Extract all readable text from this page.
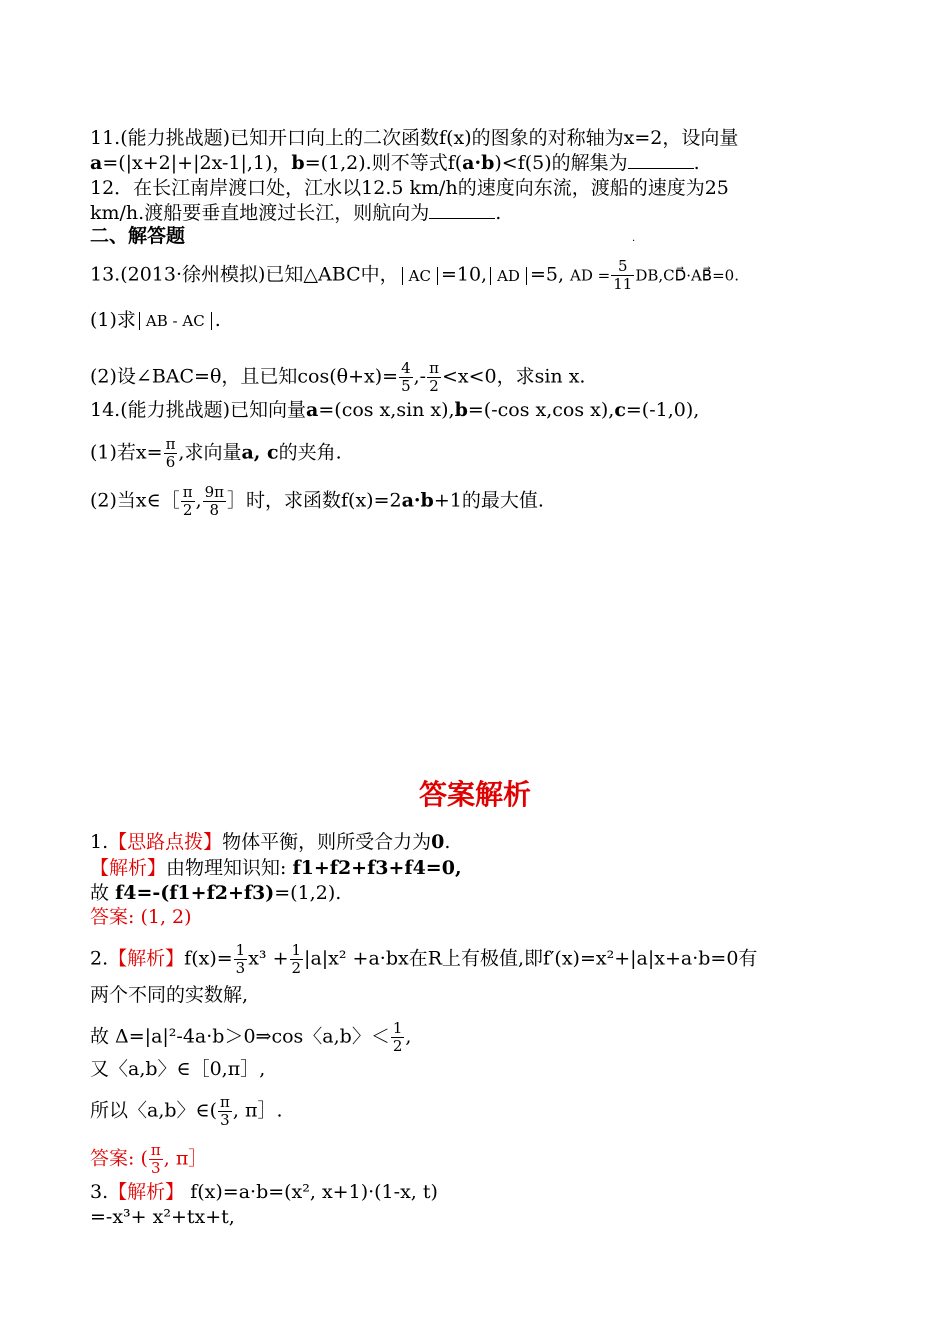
11.(能力挑战题)已知开口向上的二次函数f(x)的图象的对称轴为x=2，设向量
a=(|x+2|+|2x-1|,1)，b=(1,2).则不等式f(a·b)<f(5)的解集为	.
12．在长江南岸渡口处，江水以12.5 km/h的速度向东流，渡船的速度为25
km/h.渡船要垂直地渡过长江，则航向为	.
二、解答题	·
13.(2013·徐州模拟)已知△ABC中， AC =10, AD =5, AD = $\frac{5}{11}$ DB,CD⃗·AB⃗=0.
(1)求 AB - AC .
(2)设∠BAC=θ，且已知$\cos(\theta+x)= \frac{4}{5}$ ,- $\frac{\pi}{2} <x<0$，求sin x.
14.(能力挑战题)已知向量a=(cos x,sin x),b=(-cos x,cos x),c=(-1,0),
(1)若$x= \frac{\pi}{6}$ ,求向量a, c的夹角.
(2)当x∈［ $\frac{\pi}{2}$ , $\frac{9\pi}{8}$ ］时，求函数f(x)=2a·b+1的最大值.
答案解析
1.【思路点拨】物体平衡，则所受合力为0.
【解析】由物理知识知: f1+f2+f3+f4=0,
故 f4=-(f1+f2+f3)=(1,2).
答案: (1, 2)
2.【解析】$f(x)= \frac{1}{3} x^3 + \frac{1}{2} |a|x^2 +a\cdot bx$在R上有极值,即f′(x)=x²+|a|x+a·b=0有
两个不同的实数解,
故 Δ=|a|²-4a·b＞0⇒cos〈a,b〉＜ $\frac{1}{2}$ ,
又〈a,b〉∈［0,π］,
所以〈a,b〉∈( $\frac{\pi}{3}$ , π］.
答案: ( $\frac{\pi}{3}$ , π］
3.【解析】 f(x)=a·b=(x², x+1)·(1-x, t)
=-x³+ x²+tx+t,
